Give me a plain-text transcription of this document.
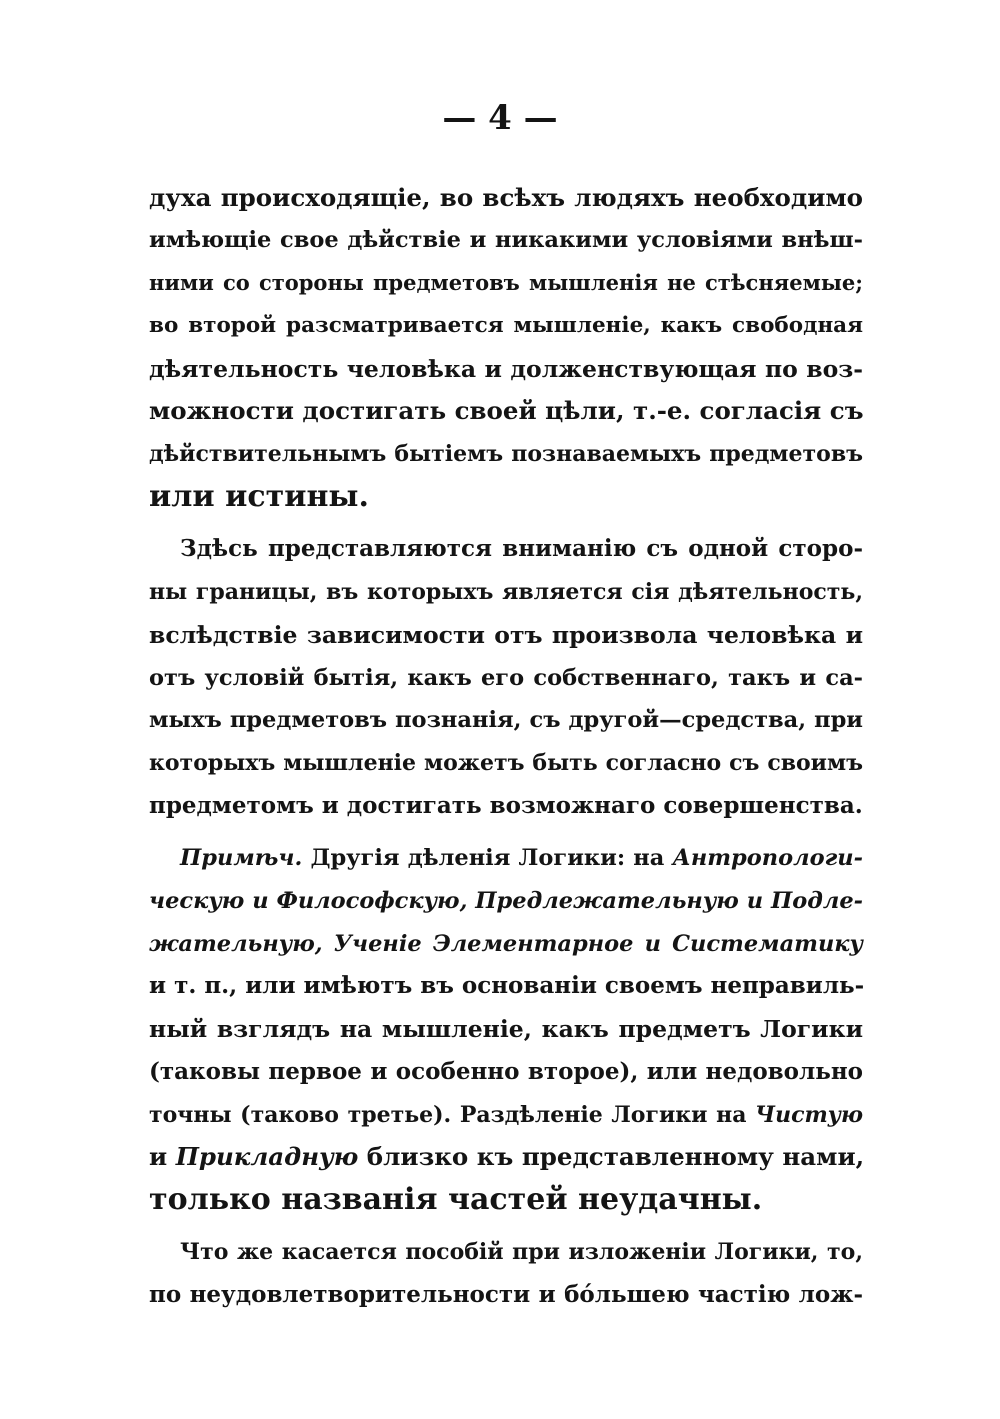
— 4 —
духа происходящіе, во всѣхъ людяхъ необходимо
имѣющіе свое дѣйствіе и никакими условіями внѣш-
ними со стороны предметовъ мышленія не стѣсняемые;
во второй разсматривается мышленіе, какъ свободная
дѣятельность человѣка и долженствующая по воз-
можности достигать своей цѣли, т.-е. согласія съ
дѣйствительнымъ бытіемъ познаваемыхъ предметовъ
или истины.
Здѣсь представляются вниманію съ одной сторо-
ны границы, въ которыхъ является сія дѣятельность,
вслѣдствіе зависимости отъ произвола человѣка и
отъ условій бытія, какъ его собственнаго, такъ и са-
мыхъ предметовъ познанія, съ другой—средства, при
которыхъ мышленіе можетъ быть согласно съ своимъ
предметомъ и достигать возможнаго совершенства.
Примѣч. Другія дѣленія Логики: на Антропологи-
ческую и Философскую, Предлежательную и Подле-
жательную, Ученіе Элементарное и Систематику
и т. п., или имѣютъ въ основаніи своемъ неправиль-
ный взглядъ на мышленіе, какъ предметъ Логики
(таковы первое и особенно второе), или недовольно
точны (таково третье). Раздѣленіе Логики на Чистую
и Прикладную близко къ представленному нами,
только названія частей неудачны.
Что же касается пособій при изложеніи Логики, то,
по неудовлетворительности и бо́льшею частію лож-
